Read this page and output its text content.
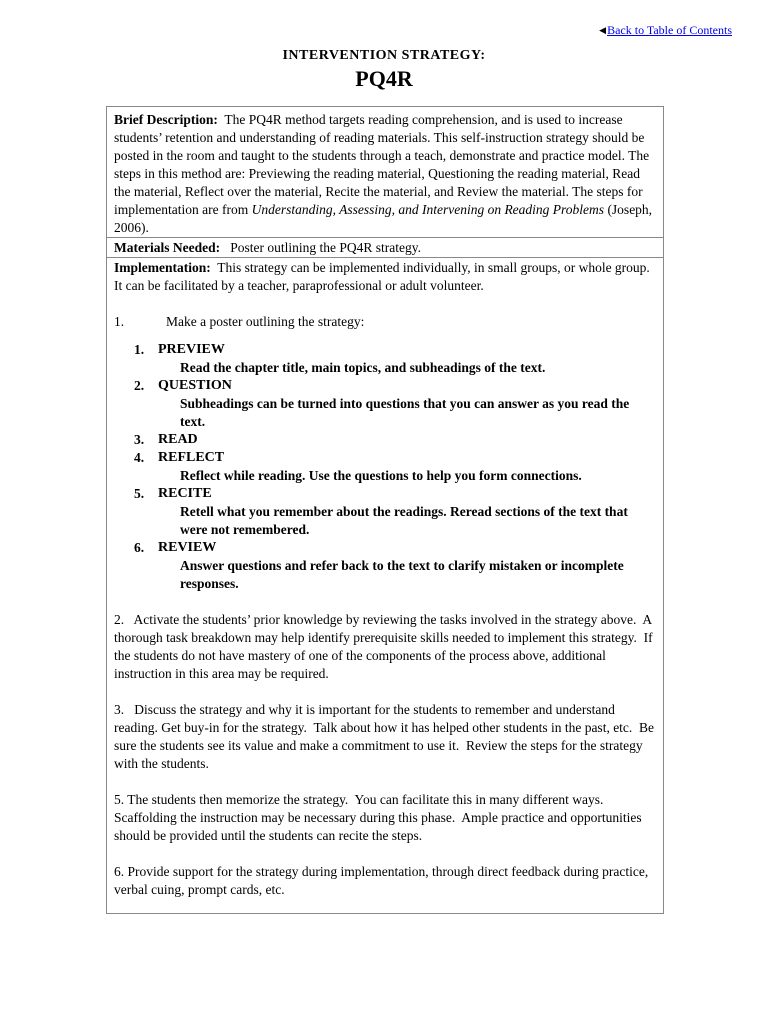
◀Back to Table of Contents
INTERVENTION STRATEGY:
PQ4R

Brief Description: The PQ4R method targets reading comprehension, and is used to increase students’ retention and understanding of reading materials. This self-instruction strategy should be posted in the room and taught to the students through a teach, demonstrate and practice model. The steps in this method are: Previewing the reading material, Questioning the reading material, Read the material, Reflect over the material, Recite the material, and Review the material. The steps for implementation are from Understanding, Assessing, and Intervening on Reading Problems (Joseph, 2006).

Materials Needed: Poster outlining the PQ4R strategy.

Implementation: This strategy can be implemented individually, in small groups, or whole group. It can be facilitated by a teacher, paraprofessional or adult volunteer.

1.	Make a poster outlining the strategy:
1. PREVIEW
Read the chapter title, main topics, and subheadings of the text.
2. QUESTION
Subheadings can be turned into questions that you can answer as you read the text.
3. READ
4. REFLECT
Reflect while reading. Use the questions to help you form connections.
5. RECITE
Retell what you remember about the readings. Reread sections of the text that were not remembered.
6. REVIEW
Answer questions and refer back to the text to clarify mistaken or incomplete responses.

2.   Activate the students’ prior knowledge by reviewing the tasks involved in the strategy above.  A thorough task breakdown may help identify prerequisite skills needed to implement this strategy.  If the students do not have mastery of one of the components of the process above, additional instruction in this area may be required.

3.   Discuss the strategy and why it is important for the students to remember and understand reading. Get buy-in for the strategy.  Talk about how it has helped other students in the past, etc.  Be sure the students see its value and make a commitment to use it.  Review the steps for the strategy with the students.

5. The students then memorize the strategy.  You can facilitate this in many different ways.  Scaffolding the instruction may be necessary during this phase.  Ample practice and opportunities should be provided until the students can recite the steps.

6. Provide support for the strategy during implementation, through direct feedback during practice, verbal cuing, prompt cards, etc.
